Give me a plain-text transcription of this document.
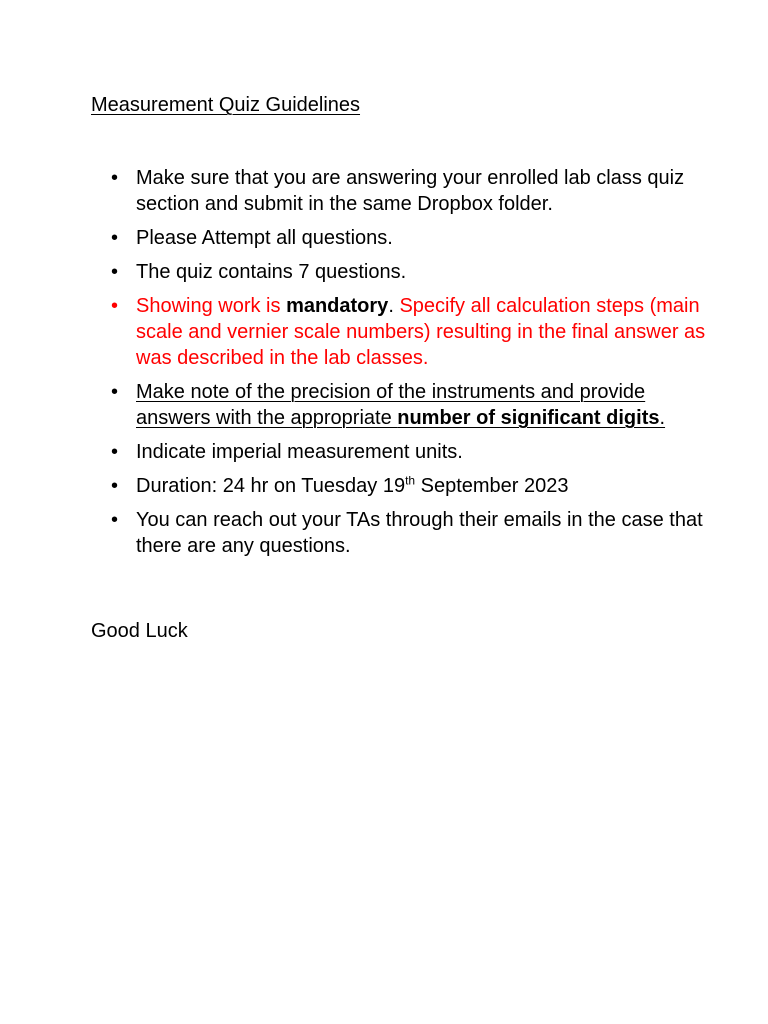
Measurement Quiz Guidelines
• Make sure that you are answering your enrolled lab class quiz section and submit in the same Dropbox folder.
• Please Attempt all questions.
• The quiz contains 7 questions.
• Showing work is mandatory. Specify all calculation steps (main scale and vernier scale numbers) resulting in the final answer as was described in the lab classes.
• Make note of the precision of the instruments and provide answers with the appropriate number of significant digits.
• Indicate imperial measurement units.
• Duration: 24 hr on Tuesday 19th September 2023
• You can reach out your TAs through their emails in the case that there are any questions.

Good Luck
